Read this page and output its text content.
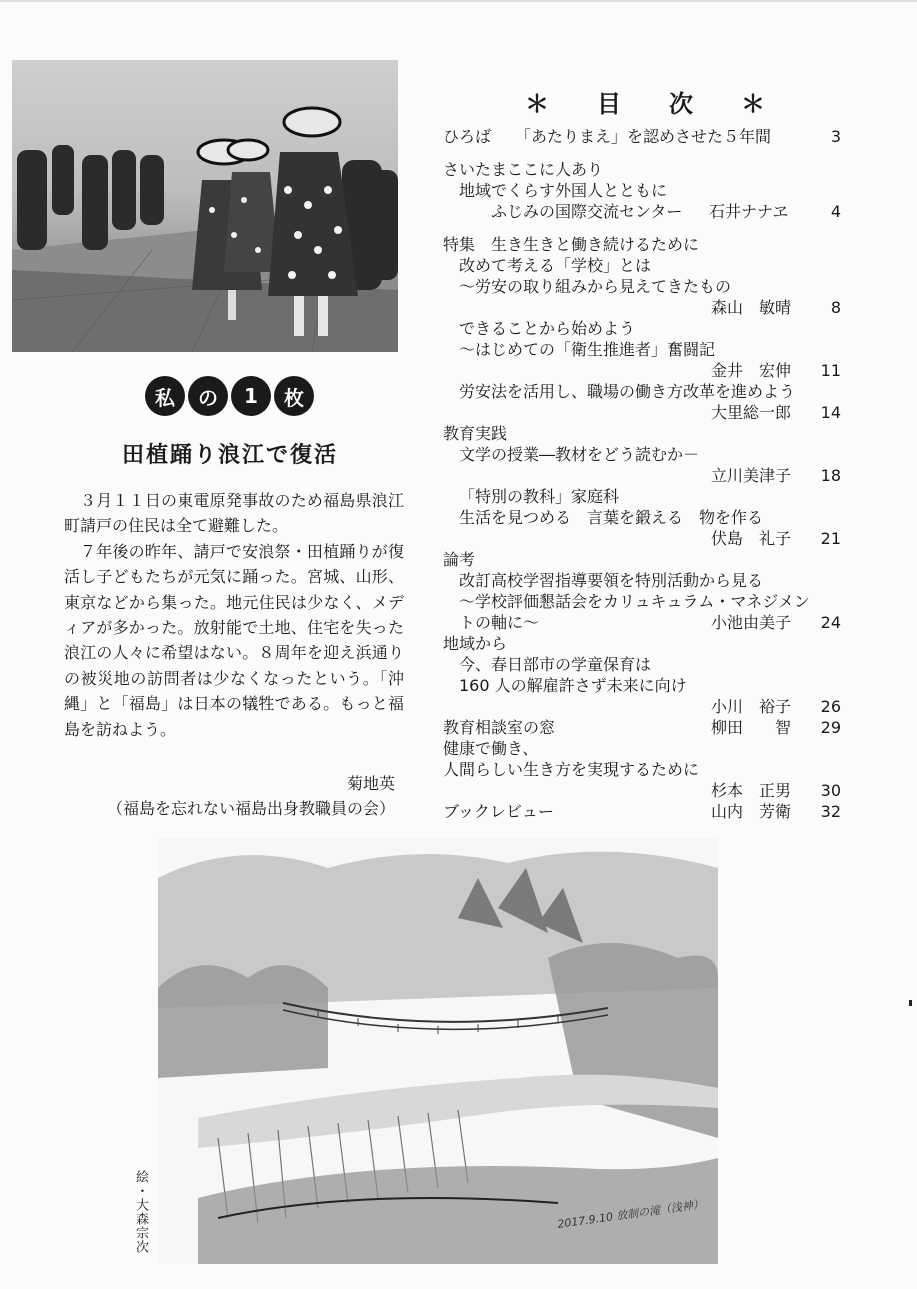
私	の	1	枚
田植踊り浪江で復活

３月１１日の東電原発事故のため福島県浪江町請戸の住民は全て避難した。

７年後の昨年、請戸で安浪祭・田植踊りが復活し子どもたちが元気に踊った。宮城、山形、東京などから集った。地元住民は少なく、メディアが多かった。放射能で土地、住宅を失った浪江の人々に希望はない。８周年を迎え浜通りの被災地の訪問者は少なくなったという。「沖縄」と「福島」は日本の犠牲である。もっと福島を訪ねよう。

菊地英
（福島を忘れない福島出身教職員の会）
＊ 目 次 ＊
ひろば　　「あたりまえ」を認めさせた５年間	3
さいたまここに人あり
地域でくらす外国人とともに
ふじみの国際交流センター 石井ナナヱ	4
特集　生き生きと働き続けるために
改めて考える「学校」とは
～労安の取り組みから見えてきたもの
森山　敏晴 8
できることから始めよう
～はじめての「衛生推進者」奮闘記
金井　宏伸 11
労安法を活用し、職場の働き方改革を進めよう
大里総一郎 14
教育実践
文学の授業―教材をどう読むか－
立川美津子 18
「特別の教科」家庭科
生活を見つめる　言葉を鍛える　物を作る
伏島　礼子 21
論考
改訂高校学習指導要領を特別活動から見る
～学校評価懇話会をカリュキュラム・マネジメン
トの軸に～	小池由美子 24
地域から
今、春日部市の学童保育は
160 人の解雇許さず未来に向け
小川　裕子 26
教育相談室の窓	柳田　　智 29
健康で働き、
人間らしい生き方を実現するために
杉本　正男 30
ブックレビュー	山内　芳衛 32
2017.9.10 放制の滝（浅神）
絵・大森宗次
